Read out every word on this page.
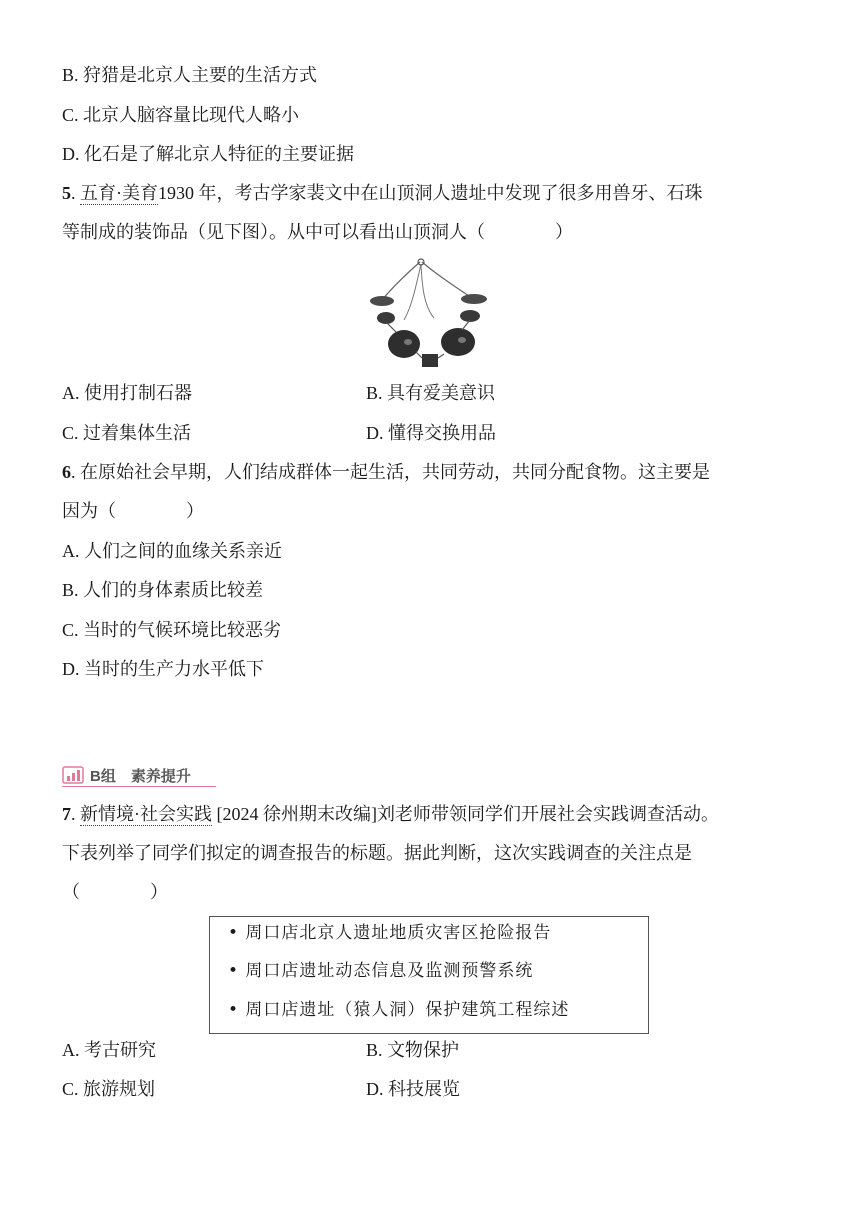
B. 狩猎是北京人主要的生活方式
C. 北京人脑容量比现代人略小
D. 化石是了解北京人特征的主要证据
5. 五育·美育1930 年，考古学家裴文中在山顶洞人遗址中发现了很多用兽牙、石珠
等制成的装饰品（见下图）。从中可以看出山顶洞人（	）
A. 使用打制石器	B. 具有爱美意识
C. 过着集体生活	D. 懂得交换用品
6. 在原始社会早期，人们结成群体一起生活，共同劳动，共同分配食物。这主要是
因为（	）
A. 人们之间的血缘关系亲近
B. 人们的身体素质比较差
C. 当时的气候环境比较恶劣
D. 当时的生产力水平低下
B组　素养提升
7. 新情境·社会实践 [2024 徐州期末改编]刘老师带领同学们开展社会实践调查活动。
下表列举了同学们拟定的调查报告的标题。据此判断，这次实践调查的关注点是
（	）
• 周口店北京人遗址地质灾害区抢险报告
• 周口店遗址动态信息及监测预警系统
• 周口店遗址（猿人洞）保护建筑工程综述
A. 考古研究	B. 文物保护
C. 旅游规划	D. 科技展览
